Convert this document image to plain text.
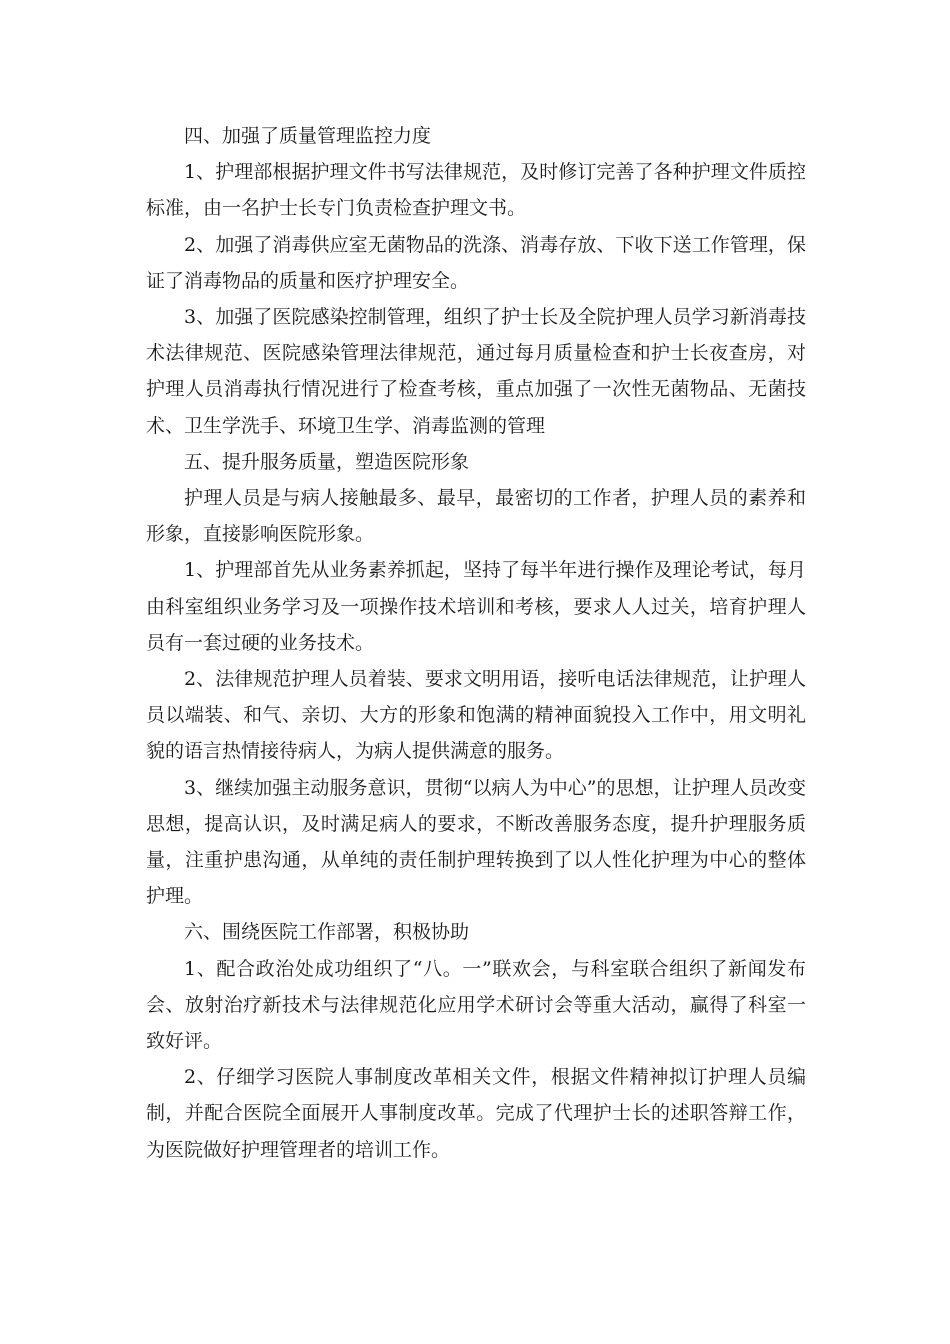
四、加强了质量管理监控力度

1、护理部根据护理文件书写法律规范，及时修订完善了各种护理文件质控标准，由一名护士长专门负责检查护理文书。

2、加强了消毒供应室无菌物品的洗涤、消毒存放、下收下送工作管理，保证了消毒物品的质量和医疗护理安全。

3、加强了医院感染控制管理，组织了护士长及全院护理人员学习新消毒技术法律规范、医院感染管理法律规范，通过每月质量检查和护士长夜查房，对护理人员消毒执行情况进行了检查考核，重点加强了一次性无菌物品、无菌技术、卫生学洗手、环境卫生学、消毒监测的管理

五、提升服务质量，塑造医院形象

护理人员是与病人接触最多、最早，最密切的工作者，护理人员的素养和形象，直接影响医院形象。

1、护理部首先从业务素养抓起，坚持了每半年进行操作及理论考试，每月由科室组织业务学习及一项操作技术培训和考核，要求人人过关，培育护理人员有一套过硬的业务技术。

2、法律规范护理人员着装、要求文明用语，接听电话法律规范，让护理人员以端装、和气、亲切、大方的形象和饱满的精神面貌投入工作中，用文明礼貌的语言热情接待病人，为病人提供满意的服务。

3、继续加强主动服务意识，贯彻“以病人为中心”的思想，让护理人员改变思想，提高认识，及时满足病人的要求，不断改善服务态度，提升护理服务质量，注重护患沟通，从单纯的责任制护理转换到了以人性化护理为中心的整体护理。

六、围绕医院工作部署，积极协助

1、配合政治处成功组织了“八。一”联欢会，与科室联合组织了新闻发布会、放射治疗新技术与法律规范化应用学术研讨会等重大活动，赢得了科室一致好评。

2、仔细学习医院人事制度改革相关文件，根据文件精神拟订护理人员编制，并配合医院全面展开人事制度改革。完成了代理护士长的述职答辩工作，为医院做好护理管理者的培训工作。
